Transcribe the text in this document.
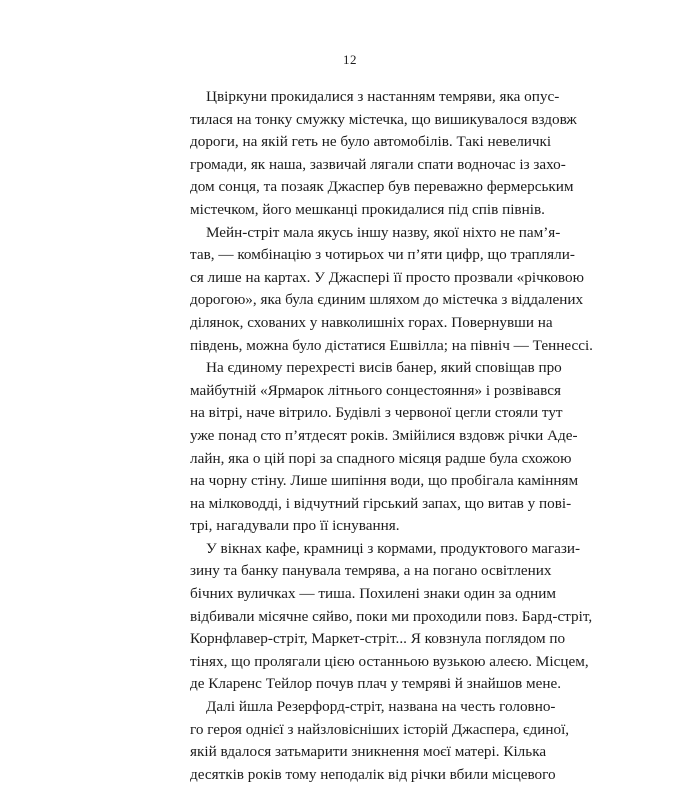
12
Цвіркуни прокидалися з настанням темряви, яка опус-
тилася на тонку смужку містечка, що вишикувалося вздовж
дороги, на якій геть не було автомобілів. Такі невеличкі
громади, як наша, зазвичай лягали спати водночас із захо-
дом сонця, та позаяк Джаспер був переважно фермерським
містечком, його мешканці прокидалися під спів півнів.
Мейн-стріт мала якусь іншу назву, якої ніхто не пам’я-
тав, — комбінацію з чотирьох чи п’яти цифр, що трапляли-
ся лише на картах. У Джаспері її просто прозвали «річковою
дорогою», яка була єдиним шляхом до містечка з віддалених
ділянок, схованих у навколишніх горах. Повернувши на
південь, можна було дістатися Ешвілла; на північ — Теннессі.
На єдиному перехресті висів банер, який сповіщав про
майбутній «Ярмарок літнього сонцестояння» і розвівався
на вітрі, наче вітрило. Будівлі з червоної цегли стояли тут
уже понад сто п’ятдесят років. Змійілися вздовж річки Аде-
лайн, яка о цій порі за спадного місяця радше була схожою
на чорну стіну. Лише шипіння води, що пробігала камінням
на мілководді, і відчутний гірський запах, що витав у пові-
трі, нагадували про її існування.
У вікнах кафе, крамниці з кормами, продуктового магази-
зину та банку панувала темрява, а на погано освітлених
бічних вуличках — тиша. Похилені знаки один за одним
відбивали місячне сяйво, поки ми проходили повз. Бард-стріт,
Корнфлавер-стріт, Маркет-стріт... Я ковзнула поглядом по
тінях, що пролягали цією останньою вузькою алеєю. Місцем,
де Кларенс Тейлор почув плач у темряві й знайшов мене.
Далі йшла Резерфорд-стріт, названа на честь головно-
го героя однієї з найзловісніших історій Джаспера, єдиної,
якій вдалося затьмарити зникнення моєї матері. Кілька
десятків років тому неподалік від річки вбили місцевого
